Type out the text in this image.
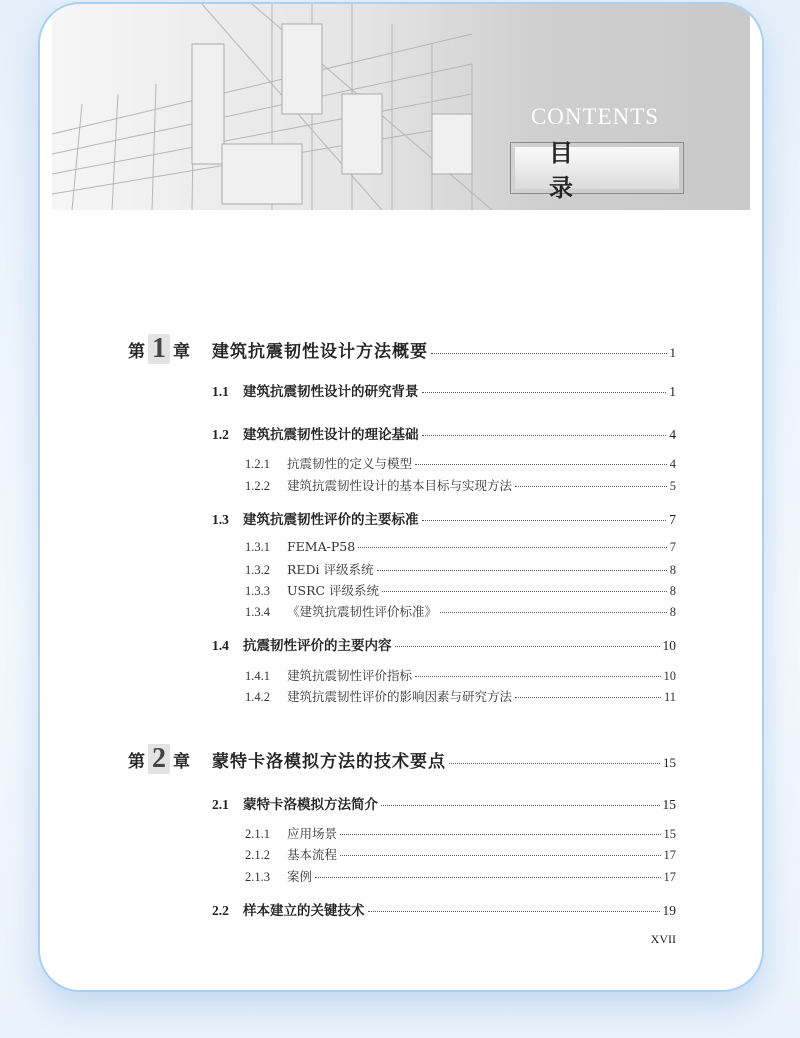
CONTENTS
目　录
第 1 章 建筑抗震韧性设计方法概要	1
1.1	建筑抗震韧性设计的研究背景	1
1.2	建筑抗震韧性设计的理论基础	4
1.2.1	抗震韧性的定义与模型	4
1.2.2	建筑抗震韧性设计的基本目标与实现方法	5
1.3	建筑抗震韧性评价的主要标准	7
1.3.1	FEMA-P58	7
1.3.2	REDi 评级系统	8
1.3.3	USRC 评级系统	8
1.3.4	《建筑抗震韧性评价标准》	8
1.4	抗震韧性评价的主要内容	10
1.4.1	建筑抗震韧性评价指标	10
1.4.2	建筑抗震韧性评价的影响因素与研究方法	11
第 2 章 蒙特卡洛模拟方法的技术要点	15
2.1	蒙特卡洛模拟方法简介	15
2.1.1	应用场景	15
2.1.2	基本流程	17
2.1.3	案例	17
2.2	样本建立的关键技术	19
XVII
